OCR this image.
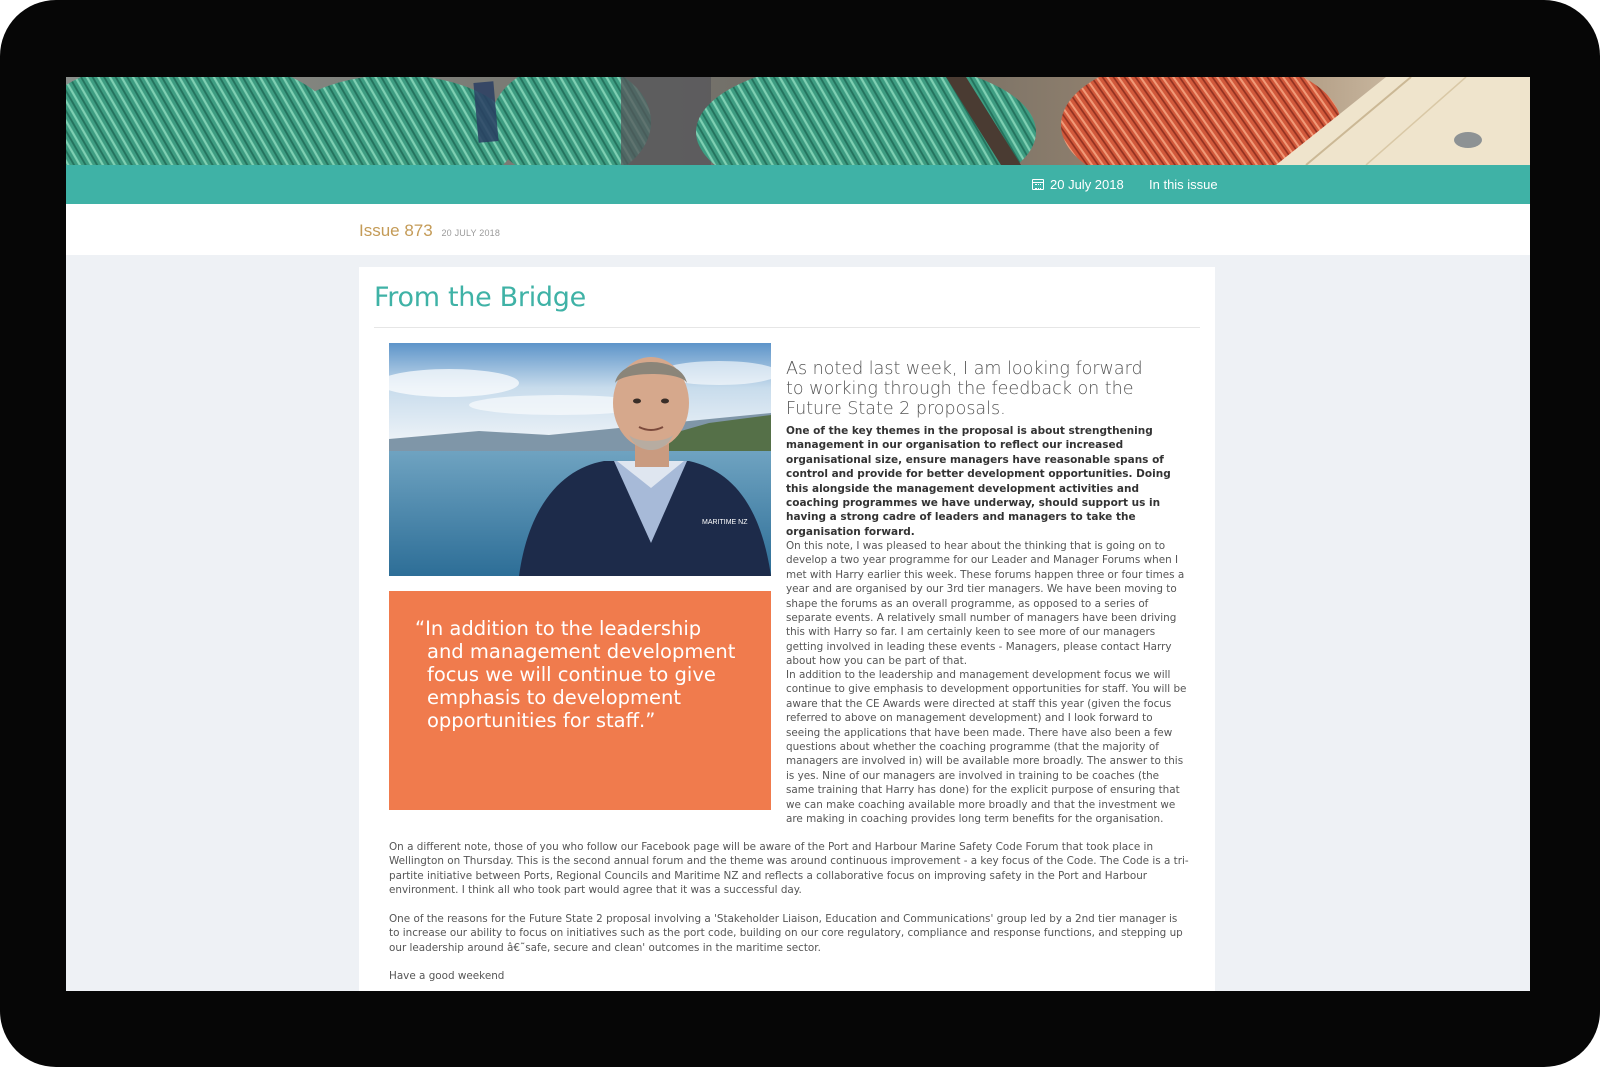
20 July 2018 In this issue
Issue 873 20 JULY 2018
From the Bridge
MARITIME NZ

“In addition to the leadership and management development focus we will continue to give emphasis to development opportunities for staff.”

As noted last week, I am looking forward to working through the feedback on the Future State 2 proposals.

One of the key themes in the proposal is about strengthening management in our organisation to reflect our increased organisational size, ensure managers have reasonable spans of control and provide for better development opportunities. Doing this alongside the management development activities and coaching programmes we have underway, should support us in having a strong cadre of leaders and managers to take the organisation forward.

On this note, I was pleased to hear about the thinking that is going on to develop a two year programme for our Leader and Manager Forums when I met with Harry earlier this week. These forums happen three or four times a year and are organised by our 3rd tier managers. We have been moving to shape the forums as an overall programme, as opposed to a series of separate events. A relatively small number of managers have been driving this with Harry so far. I am certainly keen to see more of our managers getting involved in leading these events - Managers, please contact Harry about how you can be part of that.

In addition to the leadership and management development focus we will continue to give emphasis to development opportunities for staff. You will be aware that the CE Awards were directed at staff this year (given the focus referred to above on management development) and I look forward to seeing the applications that have been made. There have also been a few questions about whether the coaching programme (that the majority of managers are involved in) will be available more broadly. The answer to this is yes. Nine of our managers are involved in training to be coaches (the same training that Harry has done) for the explicit purpose of ensuring that we can make coaching available more broadly and that the investment we are making in coaching provides long term benefits for the organisation.

On a different note, those of you who follow our Facebook page will be aware of the Port and Harbour Marine Safety Code Forum that took place in Wellington on Thursday. This is the second annual forum and the theme was around continuous improvement - a key focus of the Code. The Code is a tri-partite initiative between Ports, Regional Councils and Maritime NZ and reflects a collaborative focus on improving safety in the Port and Harbour environment. I think all who took part would agree that it was a successful day.

One of the reasons for the Future State 2 proposal involving a 'Stakeholder Liaison, Education and Communications' group led by a 2nd tier manager is to increase our ability to focus on initiatives such as the port code, building on our core regulatory, compliance and response functions, and stepping up our leadership around â€˜safe, secure and clean' outcomes in the maritime sector.

Have a good weekend
